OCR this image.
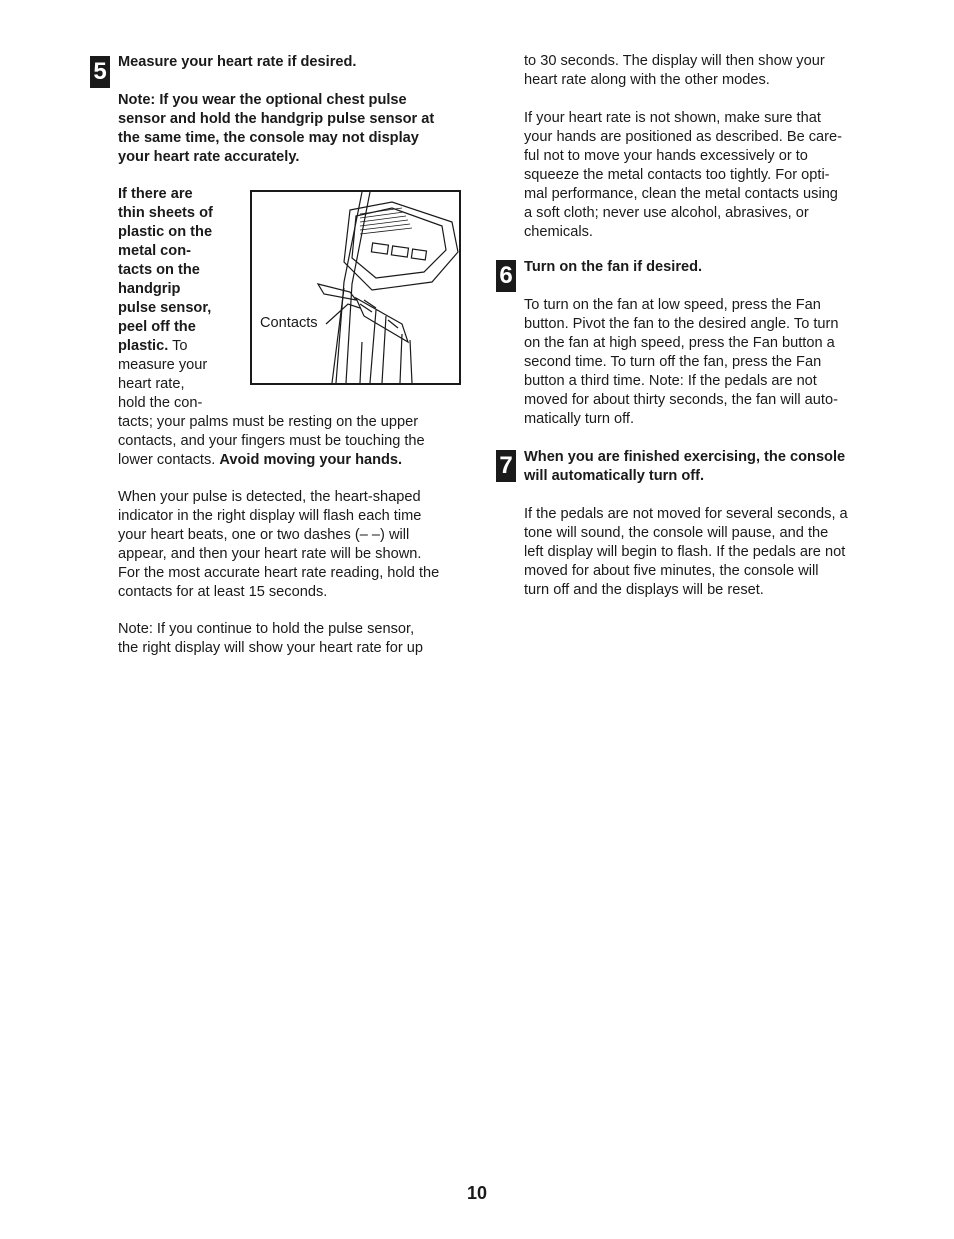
5 Measure your heart rate if desired.

Note: If you wear the optional chest pulse

sensor and hold the handgrip pulse sensor at

the same time, the console may not display

your heart rate accurately.

If there are

thin sheets of

plastic on the

metal con-

tacts on the

handgrip

pulse sensor,

peel off the

plastic. To

measure your

heart rate,

hold the con-

tacts; your palms must be resting on the upper

contacts, and your fingers must be touching the

lower contacts. Avoid moving your hands.

Contacts

When your pulse is detected, the heart-shaped

indicator in the right display will flash each time

your heart beats, one or two dashes (– –) will

appear, and then your heart rate will be shown.

For the most accurate heart rate reading, hold the

contacts for at least 15 seconds.

Note: If you continue to hold the pulse sensor,

the right display will show your heart rate for up

to 30 seconds. The display will then show your

heart rate along with the other modes.

If your heart rate is not shown, make sure that

your hands are positioned as described. Be care-

ful not to move your hands excessively or to

squeeze the metal contacts too tightly. For opti-

mal performance, clean the metal contacts using

a soft cloth; never use alcohol, abrasives, or

chemicals.

6 Turn on the fan if desired.

To turn on the fan at low speed, press the Fan

button. Pivot the fan to the desired angle. To turn

on the fan at high speed, press the Fan button a

second time. To turn off the fan, press the Fan

button a third time. Note: If the pedals are not

moved for about thirty seconds, the fan will auto-

matically turn off.

7 When you are finished exercising, the console

will automatically turn off.

If the pedals are not moved for several seconds, a

tone will sound, the console will pause, and the

left display will begin to flash. If the pedals are not

moved for about five minutes, the console will

turn off and the displays will be reset.

10
